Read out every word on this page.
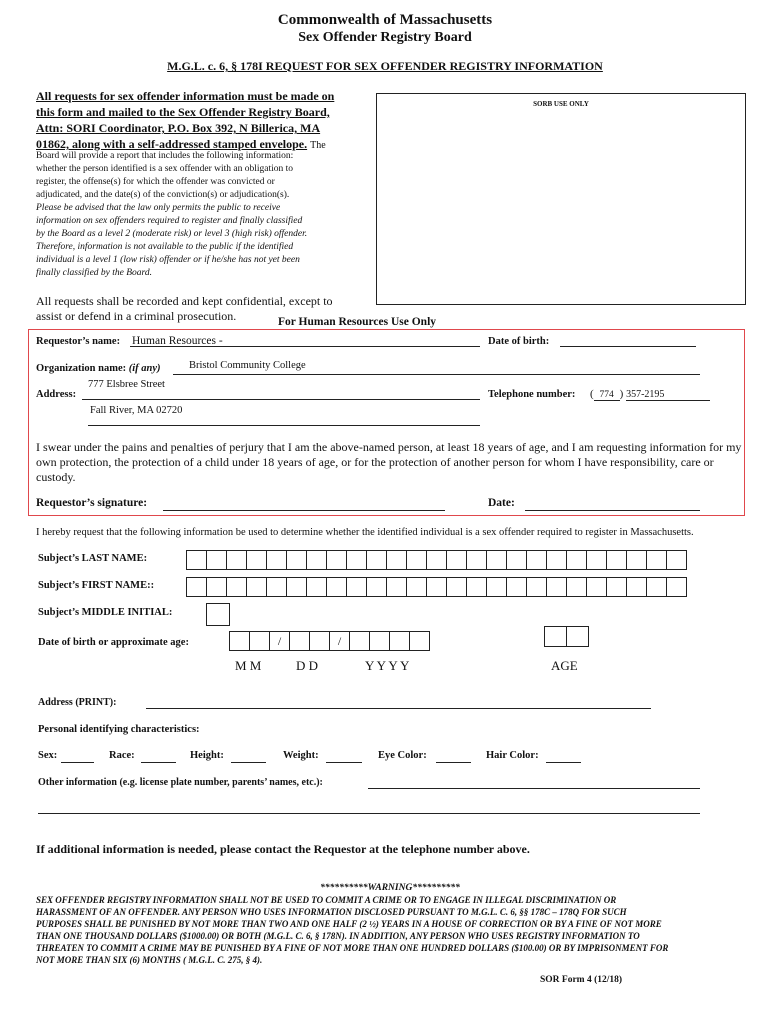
Commonwealth of Massachusetts
Sex Offender Registry Board
M.G.L. c. 6, § 178I REQUEST FOR SEX OFFENDER REGISTRY INFORMATION
All requests for sex offender information must be made on
this form and mailed to the Sex Offender Registry Board,
Attn: SORI Coordinator, P.O. Box 392, N Billerica, MA
01862, along with a self-addressed stamped envelope. The
Board will provide a report that includes the following information:
whether the person identified is a sex offender with an obligation to
register, the offense(s) for which the offender was convicted or
adjudicated, and the date(s) of the conviction(s) or adjudication(s).
Please be advised that the law only permits the public to receive
information on sex offenders required to register and finally classified
by the Board as a level 2 (moderate risk) or level 3 (high risk) offender.
Therefore, information is not available to the public if the identified
individual is a level 1 (low risk) offender or if he/she has not yet been
finally classified by the Board.
All requests shall be recorded and kept confidential, except to
assist or defend in a criminal prosecution.
SORB USE ONLY
For Human Resources Use Only
Requestor’s name: Human Resources -	Date of birth:
Organization name: (if any)	Bristol Community College
Address:
777 Elsbree Street
Fall River, MA 02720
Telephone number: ( 774 ) 357-2195
I swear under the pains and penalties of perjury that I am the above-named person, at least 18 years of age, and I am requesting information for my own protection, the protection of a child under 18 years of age, or for the protection of another person for whom I have responsibility, care or custody.
Requestor’s signature:	Date:
I hereby request that the following information be used to determine whether the identified individual is a sex offender required to register in Massachusetts.
Subject’s LAST NAME:
Subject’s FIRST NAME::
Subject’s MIDDLE INITIAL:
Date of birth or approximate age:	/	/
M M	D D	Y Y Y Y	AGE
Address (PRINT):
Personal identifying characteristics:
Sex:	Race:	Height:	Weight:	Eye Color:	Hair Color:
Other information (e.g. license plate number, parents’ names, etc.):
If additional information is needed, please contact the Requestor at the telephone number above.
**********WARNING**********
SEX OFFENDER REGISTRY INFORMATION SHALL NOT BE USED TO COMMIT A CRIME OR TO ENGAGE IN ILLEGAL DISCRIMINATION OR
HARASSMENT OF AN OFFENDER. ANY PERSON WHO USES INFORMATION DISCLOSED PURSUANT TO M.G.L. C. 6, §§ 178C – 178Q FOR SUCH
PURPOSES SHALL BE PUNISHED BY NOT MORE THAN TWO AND ONE HALF (2 ½) YEARS IN A HOUSE OF CORRECTION OR BY A FINE OF NOT MORE
THAN ONE THOUSAND DOLLARS ($1000.00) OR BOTH (M.G.L. C. 6, § 178N). IN ADDITION, ANY PERSON WHO USES REGISTRY INFORMATION TO
THREATEN TO COMMIT A CRIME MAY BE PUNISHED BY A FINE OF NOT MORE THAN ONE HUNDRED DOLLARS ($100.00) OR BY IMPRISONMENT FOR
NOT MORE THAN SIX (6) MONTHS ( M.G.L. C. 275, § 4).
SOR Form 4 (12/18)
